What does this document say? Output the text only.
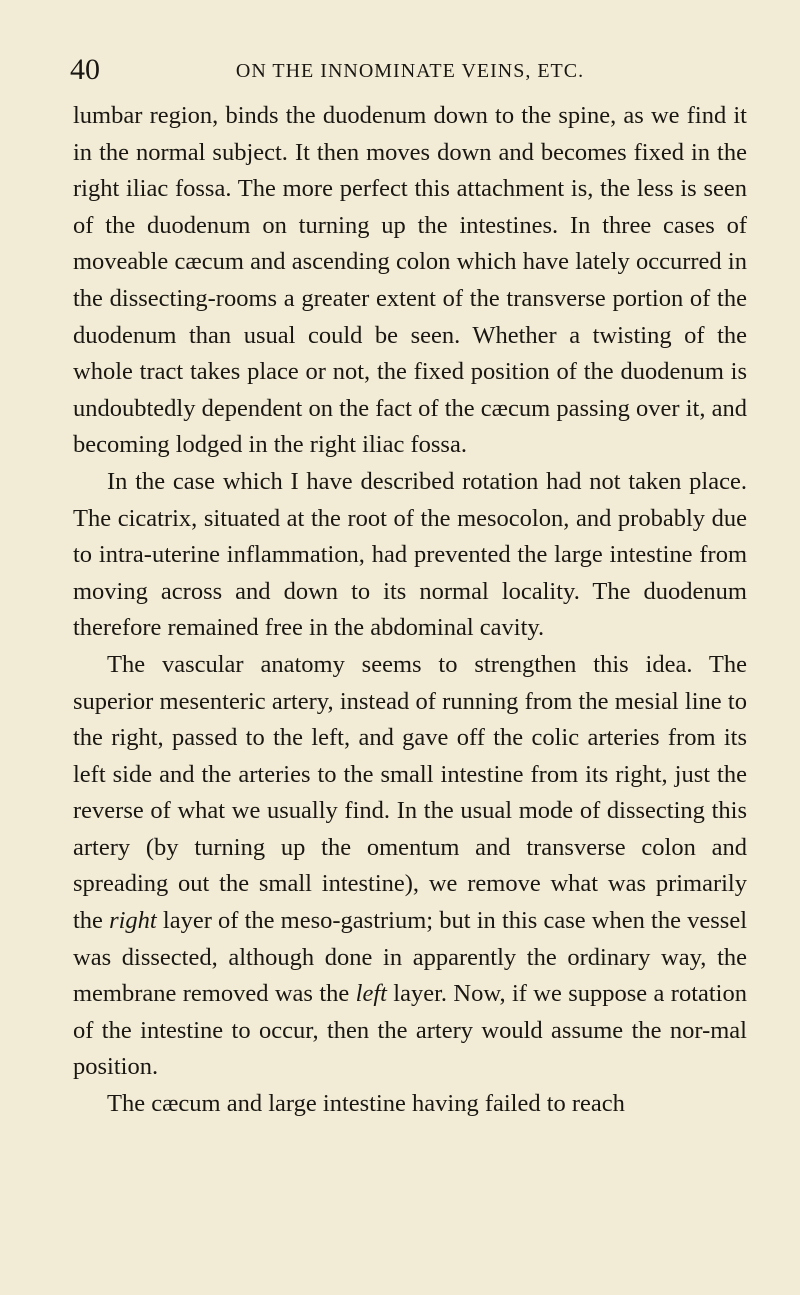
40	ON THE INNOMINATE VEINS, ETC.

lumbar region, binds the duodenum down to the spine, as we find it in the normal subject. It then moves down and becomes fixed in the right iliac fossa. The more perfect this attachment is, the less is seen of the duodenum on turning up the intestines. In three cases of moveable cæcum and ascending colon which have lately occurred in the dissecting-rooms a greater extent of the transverse portion of the duodenum than usual could be seen. Whether a twisting of the whole tract takes place or not, the fixed position of the duodenum is undoubtedly dependent on the fact of the cæcum passing over it, and becoming lodged in the right iliac fossa.

In the case which I have described rotation had not taken place. The cicatrix, situated at the root of the mesocolon, and probably due to intra-uterine inflammation, had prevented the large intestine from moving across and down to its normal locality. The duodenum therefore remained free in the abdominal cavity.

The vascular anatomy seems to strengthen this idea. The superior mesenteric artery, instead of running from the mesial line to the right, passed to the left, and gave off the colic arteries from its left side and the arteries to the small intestine from its right, just the reverse of what we usually find. In the usual mode of dissecting this artery (by turning up the omentum and transverse colon and spreading out the small intestine), we remove what was primarily the right layer of the meso-gastrium; but in this case when the vessel was dissected, although done in apparently the ordinary way, the membrane removed was the left layer. Now, if we suppose a rotation of the intestine to occur, then the artery would assume the nor-mal position.

The cæcum and large intestine having failed to reach
